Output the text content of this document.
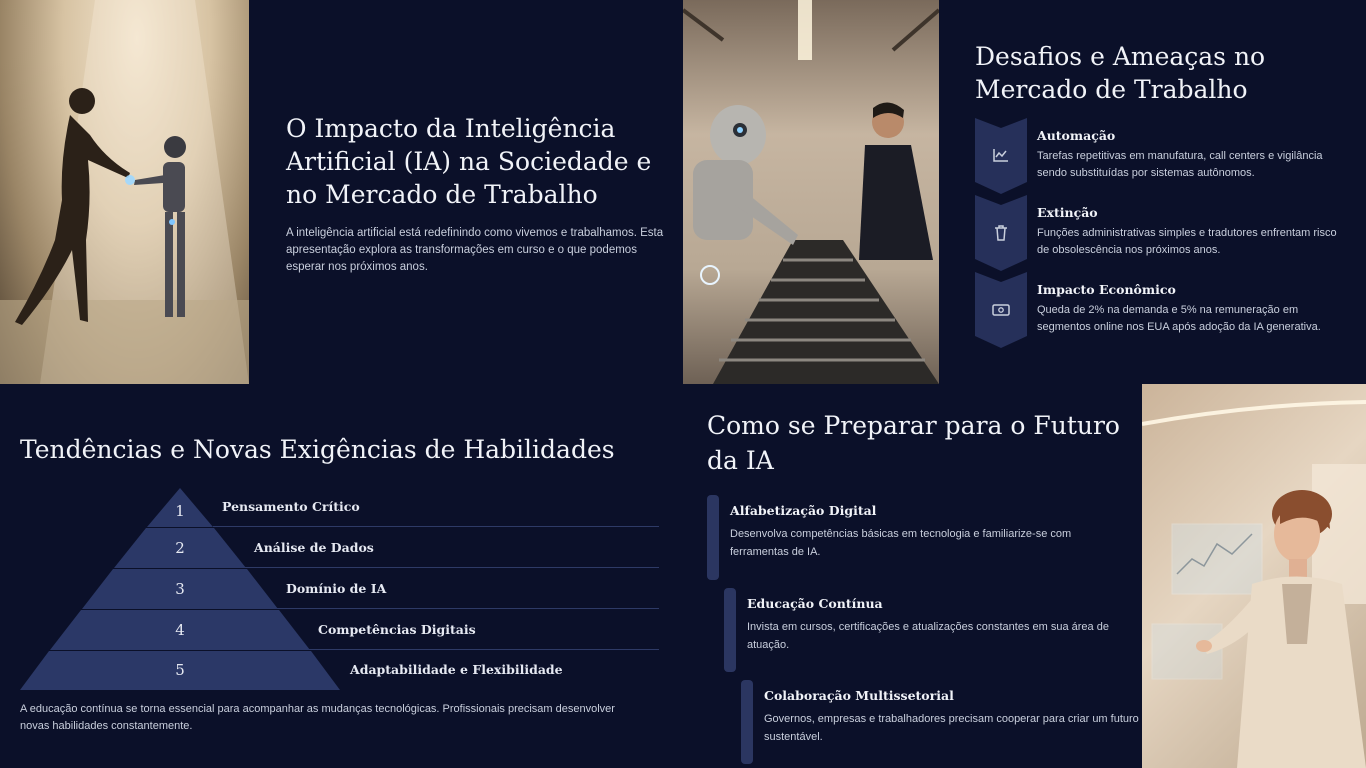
O Impacto da Inteligência Artificial (IA) na Sociedade e no Mercado de Trabalho
A inteligência artificial está redefinindo como vivemos e trabalhamos. Esta apresentação explora as transformações em curso e o que podemos esperar nos próximos anos.
Desafios e Ameaças no Mercado de Trabalho
Automação
Tarefas repetitivas em manufatura, call centers e vigilância sendo substituídas por sistemas autônomos.
Extinção
Funções administrativas simples e tradutores enfrentam risco de obsolescência nos próximos anos.
Impacto Econômico
Queda de 2% na demanda e 5% na remuneração em segmentos online nos EUA após adoção da IA generativa.
Tendências e Novas Exigências de Habilidades
1
2
3
4
5
Pensamento Crítico
Análise de Dados
Domínio de IA
Competências Digitais
Adaptabilidade e Flexibilidade
A educação contínua se torna essencial para acompanhar as mudanças tecnológicas. Profissionais precisam desenvolver novas habilidades constantemente.
Como se Preparar para o Futuro da IA
Alfabetização Digital
Desenvolva competências básicas em tecnologia e familiarize-se com ferramentas de IA.
Educação Contínua
Invista em cursos, certificações e atualizações constantes em sua área de atuação.
Colaboração Multissetorial
Governos, empresas e trabalhadores precisam cooperar para criar um futuro sustentável.
